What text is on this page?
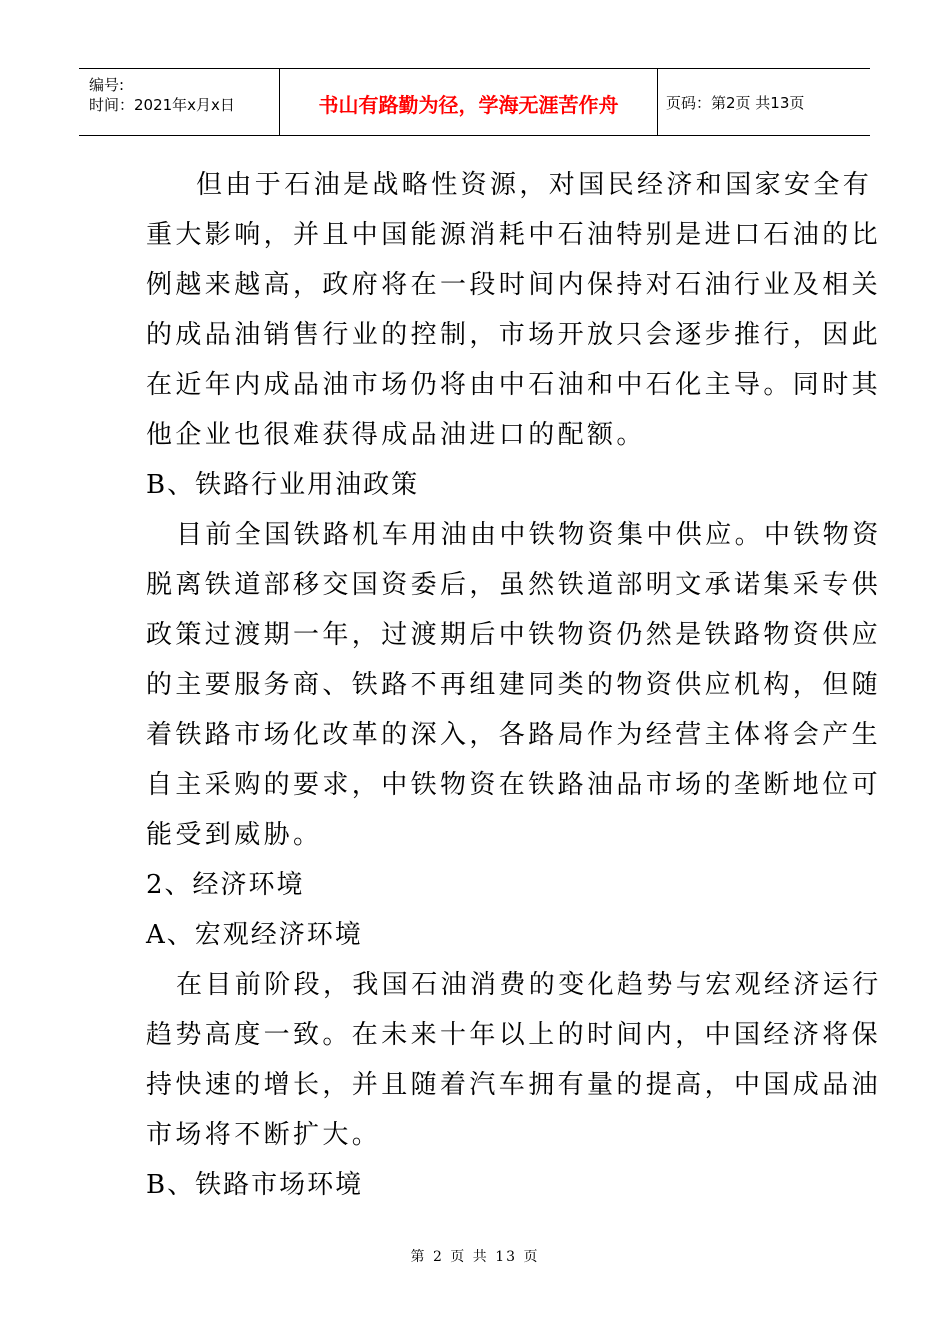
编号:
时间：2021年x月x日	书山有路勤为径，学海无涯苦作舟	页码：第2页 共13页
但由于石油是战略性资源，对国民经济和国家安全有
重大影响，并且中国能源消耗中石油特别是进口石油的比
例越来越高，政府将在一段时间内保持对石油行业及相关
的成品油销售行业的控制，市场开放只会逐步推行，因此
在近年内成品油市场仍将由中石油和中石化主导。同时其
他企业也很难获得成品油进口的配额。
B、铁路行业用油政策
目前全国铁路机车用油由中铁物资集中供应。中铁物资
脱离铁道部移交国资委后，虽然铁道部明文承诺集采专供
政策过渡期一年，过渡期后中铁物资仍然是铁路物资供应
的主要服务商、铁路不再组建同类的物资供应机构，但随
着铁路市场化改革的深入，各路局作为经营主体将会产生
自主采购的要求，中铁物资在铁路油品市场的垄断地位可
能受到威胁。
2、经济环境
A、宏观经济环境
在目前阶段，我国石油消费的变化趋势与宏观经济运行
趋势高度一致。在未来十年以上的时间内，中国经济将保
持快速的增长，并且随着汽车拥有量的提高，中国成品油
市场将不断扩大。
B、铁路市场环境
第 2 页 共 13 页
